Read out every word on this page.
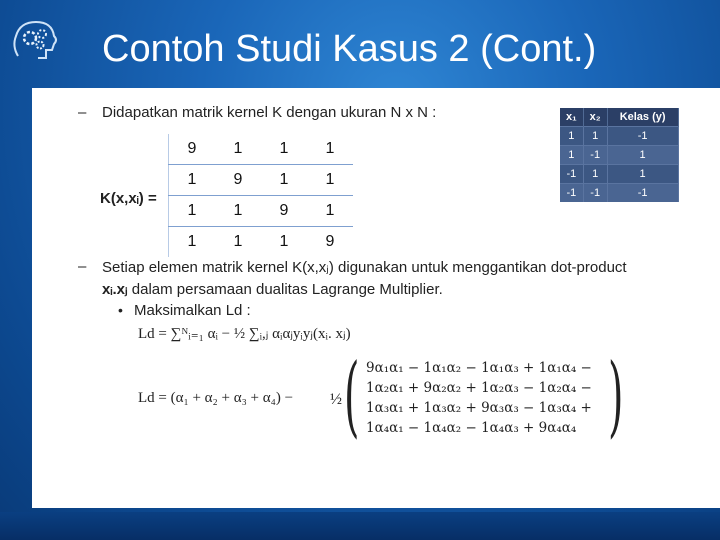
Contoh Studi Kasus 2 (Cont.)
– Didapatkan matrik kernel K dengan ukuran N x N :
K(x,xᵢ) =
9	1	1	1
1	9	1	1
1	1	9	1
1	1	1	9
x₁	x₂	Kelas (y)
1	1	-1
1	-1	1
-1	1	1
-1	-1	-1
– Setiap elemen matrik kernel K(x,xⱼ) digunakan untuk menggantikan dot-product
xᵢ.xⱼ dalam persamaan dualitas Lagrange Multiplier.
• Maksimalkan Ld :
Ld = ∑ᴺᵢ₌₁ αᵢ − ½ ∑ᵢ,ⱼ αᵢαⱼyᵢyⱼ(xᵢ. xⱼ)
Ld = (α₁ + α₂ + α₃ + α₄) − ½ ( 9α₁α₁ − 1α₁α₂ − 1α₁α₃ + 1α₁α₄ −
1α₂α₁ + 9α₂α₂ + 1α₂α₃ − 1α₂α₄ −
1α₃α₁ + 1α₃α₂ + 9α₃α₃ − 1α₃α₄ +
1α₄α₁ − 1α₄α₂ − 1α₄α₃ + 9α₄α₄ )
